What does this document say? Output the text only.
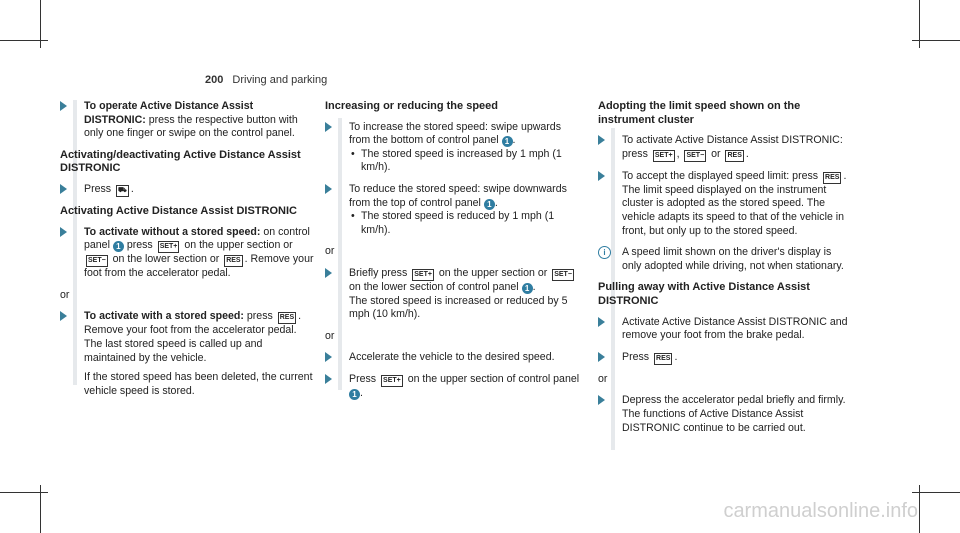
200 Driving and parking
To operate Active Distance Assist DISTRONIC: press the respective button with only one finger or swipe on the control panel.
Activating/deactivating Active Distance Assist DISTRONIC
Press ⛟ .
Activating Active Distance Assist DISTRONIC
To activate without a stored speed: on control panel 1 press SET+ on the upper section or SET− on the lower section or RES . Remove your foot from the accelerator pedal.
or
To activate with a stored speed: press RES .
Remove your foot from the accelerator pedal. The last stored speed is called up and maintained by the vehicle.
If the stored speed has been deleted, the current vehicle speed is stored.
Increasing or reducing the speed
To increase the stored speed: swipe upwards from the bottom of control panel 1 .
• The stored speed is increased by 1 mph (1 km/h).
To reduce the stored speed: swipe downwards from the top of control panel 1 .
• The stored speed is reduced by 1 mph (1 km/h).
or
Briefly press SET+ on the upper section or SET− on the lower section of control panel 1 .
The stored speed is increased or reduced by 5 mph (10 km/h).
or
Accelerate the vehicle to the desired speed.
Press SET+ on the upper section of control panel 1 .
Adopting the limit speed shown on the instrument cluster
To activate Active Distance Assist DISTRONIC: press SET+ , SET− or RES .
To accept the displayed speed limit: press RES .
The limit speed displayed on the instrument cluster is adopted as the stored speed. The vehicle adapts its speed to that of the vehicle in front, but only up to the stored speed.
i	A speed limit shown on the driver's display is only adopted while driving, not when stationary.
Pulling away with Active Distance Assist DISTRONIC
Activate Active Distance Assist DISTRONIC and remove your foot from the brake pedal.
Press RES .
or
Depress the accelerator pedal briefly and firmly.
The functions of Active Distance Assist DISTRONIC continue to be carried out.
carmanualsonline.info
